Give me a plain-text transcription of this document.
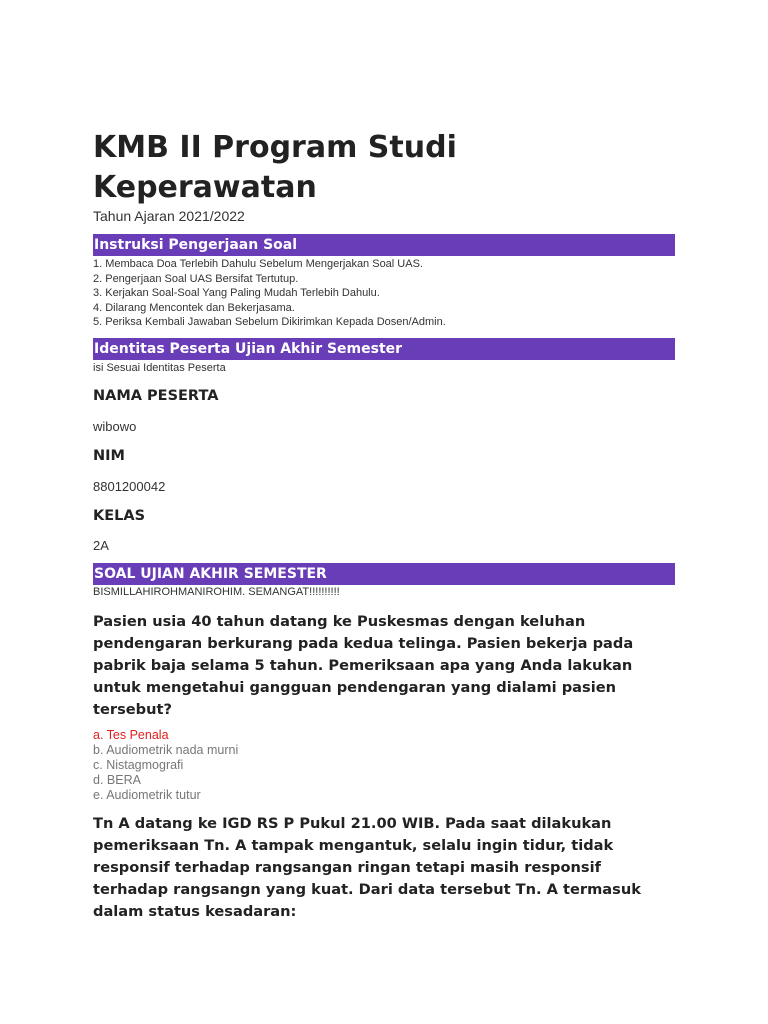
KMB II Program Studi Keperawatan
Tahun Ajaran 2021/2022
Instruksi Pengerjaan Soal
1. Membaca Doa Terlebih Dahulu Sebelum Mengerjakan Soal UAS.
2. Pengerjaan Soal UAS Bersifat Tertutup.
3. Kerjakan Soal-Soal Yang Paling Mudah Terlebih Dahulu.
4. Dilarang Mencontek dan Bekerjasama.
5. Periksa Kembali Jawaban Sebelum Dikirimkan Kepada Dosen/Admin.
Identitas Peserta Ujian Akhir Semester
isi Sesuai Identitas Peserta
NAMA PESERTA
wibowo
NIM
8801200042
KELAS
2A
SOAL UJIAN AKHIR SEMESTER
BISMILLAHIROHMANIROHIM. SEMANGAT!!!!!!!!!!

Pasien usia 40 tahun datang ke Puskesmas dengan keluhan pendengaran berkurang pada kedua telinga. Pasien bekerja pada pabrik baja selama 5 tahun. Pemeriksaan apa yang Anda lakukan untuk mengetahui gangguan pendengaran yang dialami pasien tersebut?

a. Tes Penala
b. Audiometrik nada murni
c. Nistagmografi
d. BERA
e. Audiometrik tutur

Tn A datang ke IGD RS P Pukul 21.00 WIB. Pada saat dilakukan pemeriksaan Tn. A tampak mengantuk, selalu ingin tidur, tidak responsif terhadap rangsangan ringan tetapi masih responsif terhadap rangsangn yang kuat. Dari data tersebut Tn. A termasuk dalam status kesadaran:
